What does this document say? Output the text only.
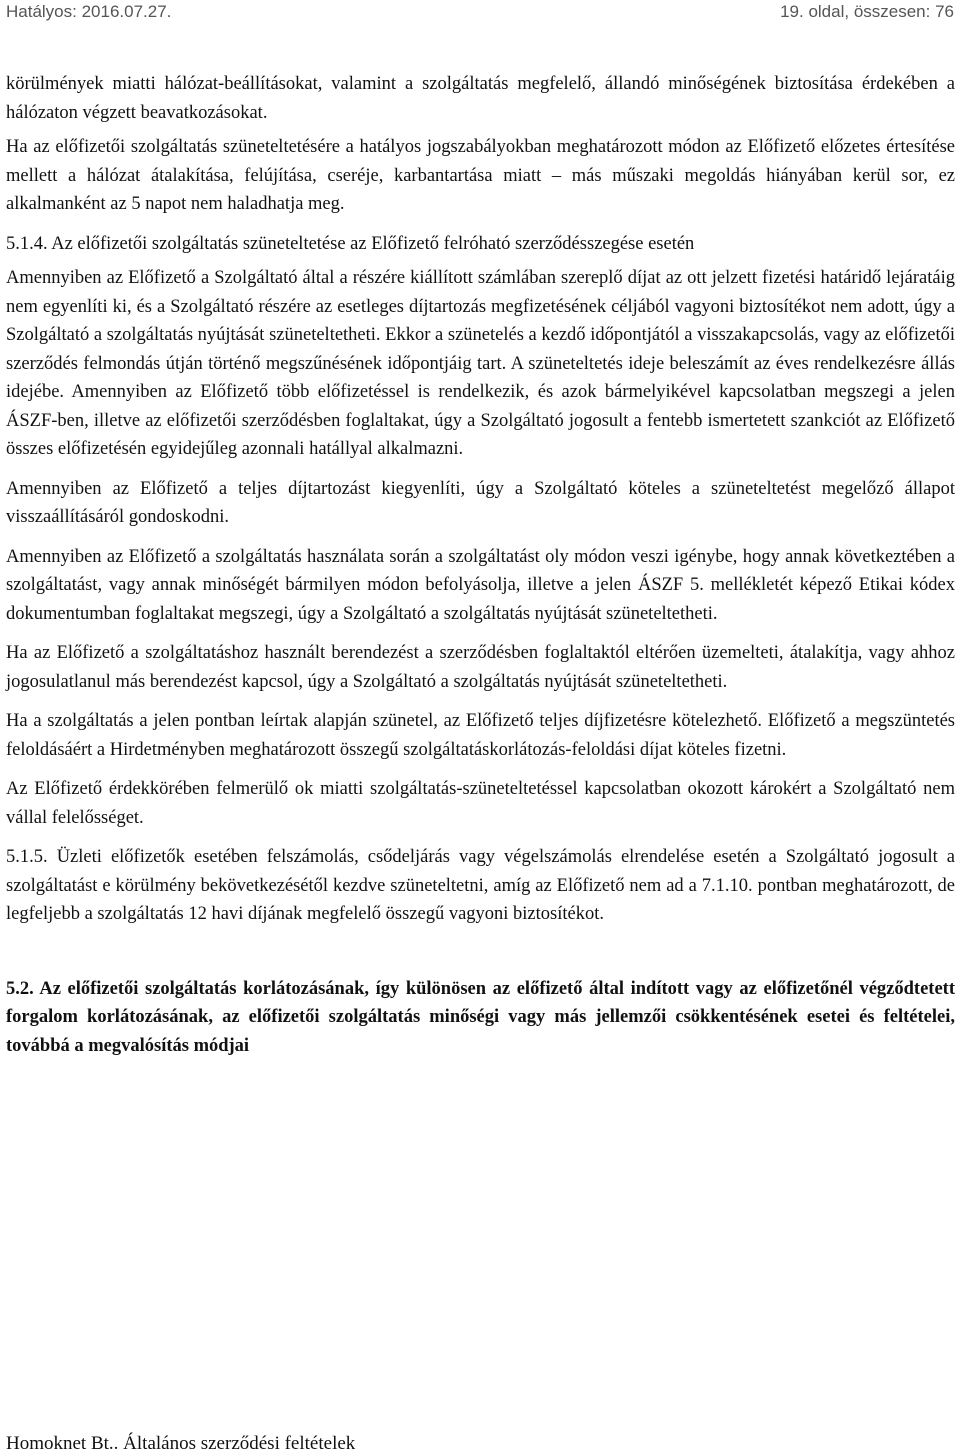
Hatályos: 2016.07.27.	19. oldal, összesen: 76

körülmények miatti hálózat-beállításokat, valamint a szolgáltatás megfelelő, állandó minőségének biztosítása érdekében a hálózaton végzett beavatkozásokat.

Ha az előfizetői szolgáltatás szüneteltetésére a hatályos jogszabályokban meghatározott módon az Előfizető előzetes értesítése mellett a hálózat átalakítása, felújítása, cseréje, karbantartása miatt – más műszaki megoldás hiányában kerül sor, ez alkalmanként az 5 napot nem haladhatja meg.

5.1.4. Az előfizetői szolgáltatás szüneteltetése az Előfizető felróható szerződésszegése esetén

Amennyiben az Előfizető a Szolgáltató által a részére kiállított számlában szereplő díjat az ott jelzett fizetési határidő lejáratáig nem egyenlíti ki, és a Szolgáltató részére az esetleges díjtartozás megfizetésének céljából vagyoni biztosítékot nem adott, úgy a Szolgáltató a szolgáltatás nyújtását szüneteltetheti. Ekkor a szünetelés a kezdő időpontjától a visszakapcsolás, vagy az előfizetői szerződés felmondás útján történő megszűnésének időpontjáig tart. A szüneteltetés ideje beleszámít az éves rendelkezésre állás idejébe. Amennyiben az Előfizető több előfizetéssel is rendelkezik, és azok bármelyikével kapcsolatban megszegi a jelen ÁSZF-ben, illetve az előfizetői szerződésben foglaltakat, úgy a Szolgáltató jogosult a fentebb ismertetett szankciót az Előfizető összes előfizetésén egyidejűleg azonnali hatállyal alkalmazni.

Amennyiben az Előfizető a teljes díjtartozást kiegyenlíti, úgy a Szolgáltató köteles a szüneteltetést megelőző állapot visszaállításáról gondoskodni.

Amennyiben az Előfizető a szolgáltatás használata során a szolgáltatást oly módon veszi igénybe, hogy annak következtében a szolgáltatást, vagy annak minőségét bármilyen módon befolyásolja, illetve a jelen ÁSZF 5. mellékletét képező Etikai kódex dokumentumban foglaltakat megszegi, úgy a Szolgáltató a szolgáltatás nyújtását szüneteltetheti.

Ha az Előfizető a szolgáltatáshoz használt berendezést a szerződésben foglaltaktól eltérően üzemelteti, átalakítja, vagy ahhoz jogosulatlanul más berendezést kapcsol, úgy a Szolgáltató a szolgáltatás nyújtását szüneteltetheti.

Ha a szolgáltatás a jelen pontban leírtak alapján szünetel, az Előfizető teljes díjfizetésre kötelezhető. Előfizető a megszüntetés feloldásáért a Hirdetményben meghatározott összegű szolgáltatáskorlátozás-feloldási díjat köteles fizetni.

Az Előfizető érdekkörében felmerülő ok miatti szolgáltatás-szüneteltetéssel kapcsolatban okozott károkért a Szolgáltató nem vállal felelősséget.

5.1.5. Üzleti előfizetők esetében felszámolás, csődeljárás vagy végelszámolás elrendelése esetén a Szolgáltató jogosult a szolgáltatást e körülmény bekövetkezésétől kezdve szüneteltetni, amíg az Előfizető nem ad a 7.1.10. pontban meghatározott, de legfeljebb a szolgáltatás 12 havi díjának megfelelő összegű vagyoni biztosítékot.

5.2. Az előfizetői szolgáltatás korlátozásának, így különösen az előfizető által indított vagy az előfizetőnél végződtetett forgalom korlátozásának, az előfizetői szolgáltatás minőségi vagy más jellemzői csökkentésének esetei és feltételei, továbbá a megvalósítás módjai

Homoknet Bt.. Általános szerződési feltételek
